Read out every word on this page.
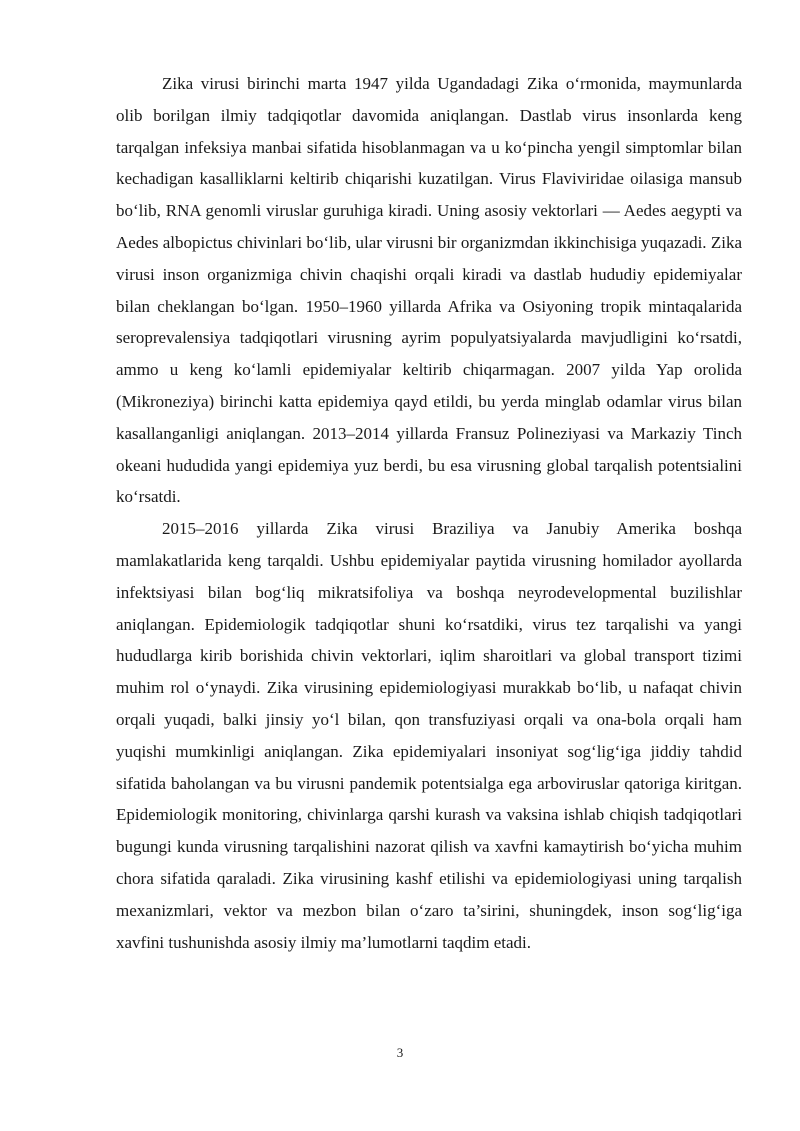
Zika virusi birinchi marta 1947 yilda Ugandadagi Zika o‘rmonida, maymunlarda olib borilgan ilmiy tadqiqotlar davomida aniqlangan. Dastlab virus insonlarda keng tarqalgan infeksiya manbai sifatida hisoblanmagan va u ko‘pincha yengil simptomlar bilan kechadigan kasalliklarni keltirib chiqarishi kuzatilgan. Virus Flaviviridae oilasiga mansub bo‘lib, RNA genomli viruslar guruhiga kiradi. Uning asosiy vektorlari — Aedes aegypti va Aedes albopictus chivinlari bo‘lib, ular virusni bir organizmdan ikkinchisiga yuqazadi. Zika virusi inson organizmiga chivin chaqishi orqali kiradi va dastlab hududiy epidemiyalar bilan cheklangan bo‘lgan. 1950–1960 yillarda Afrika va Osiyoning tropik mintaqalarida seroprevalensiya tadqiqotlari virusning ayrim populyatsiyalarda mavjudligini ko‘rsatdi, ammo u keng ko‘lamli epidemiyalar keltirib chiqarmagan. 2007 yilda Yap orolida (Mikroneziya) birinchi katta epidemiya qayd etildi, bu yerda minglab odamlar virus bilan kasallanganligi aniqlangan. 2013–2014 yillarda Fransuz Polineziyasi va Markaziy Tinch okeani hududida yangi epidemiya yuz berdi, bu esa virusning global tarqalish potentsialini ko‘rsatdi.

2015–2016 yillarda Zika virusi Braziliya va Janubiy Amerika boshqa mamlakatlarida keng tarqaldi. Ushbu epidemiyalar paytida virusning homilador ayollarda infektsiyasi bilan bog‘liq mikratsifoliya va boshqa neyrodevelopmental buzilishlar aniqlangan. Epidemiologik tadqiqotlar shuni ko‘rsatdiki, virus tez tarqalishi va yangi hududlarga kirib borishida chivin vektorlari, iqlim sharoitlari va global transport tizimi muhim rol o‘ynaydi. Zika virusining epidemiologiyasi murakkab bo‘lib, u nafaqat chivin orqali yuqadi, balki jinsiy yo‘l bilan, qon transfuziyasi orqali va ona-bola orqali ham yuqishi mumkinligi aniqlangan. Zika epidemiyalari insoniyat sog‘lig‘iga jiddiy tahdid sifatida baholangan va bu virusni pandemik potentsialga ega arboviruslar qatoriga kiritgan. Epidemiologik monitoring, chivinlarga qarshi kurash va vaksina ishlab chiqish tadqiqotlari bugungi kunda virusning tarqalishini nazorat qilish va xavfni kamaytirish bo‘yicha muhim chora sifatida qaraladi. Zika virusining kashf etilishi va epidemiologiyasi uning tarqalish mexanizmlari, vektor va mezbon bilan o‘zaro ta’sirini, shuningdek, inson sog‘lig‘iga xavfini tushunishda asosiy ilmiy ma’lumotlarni taqdim etadi.

3
